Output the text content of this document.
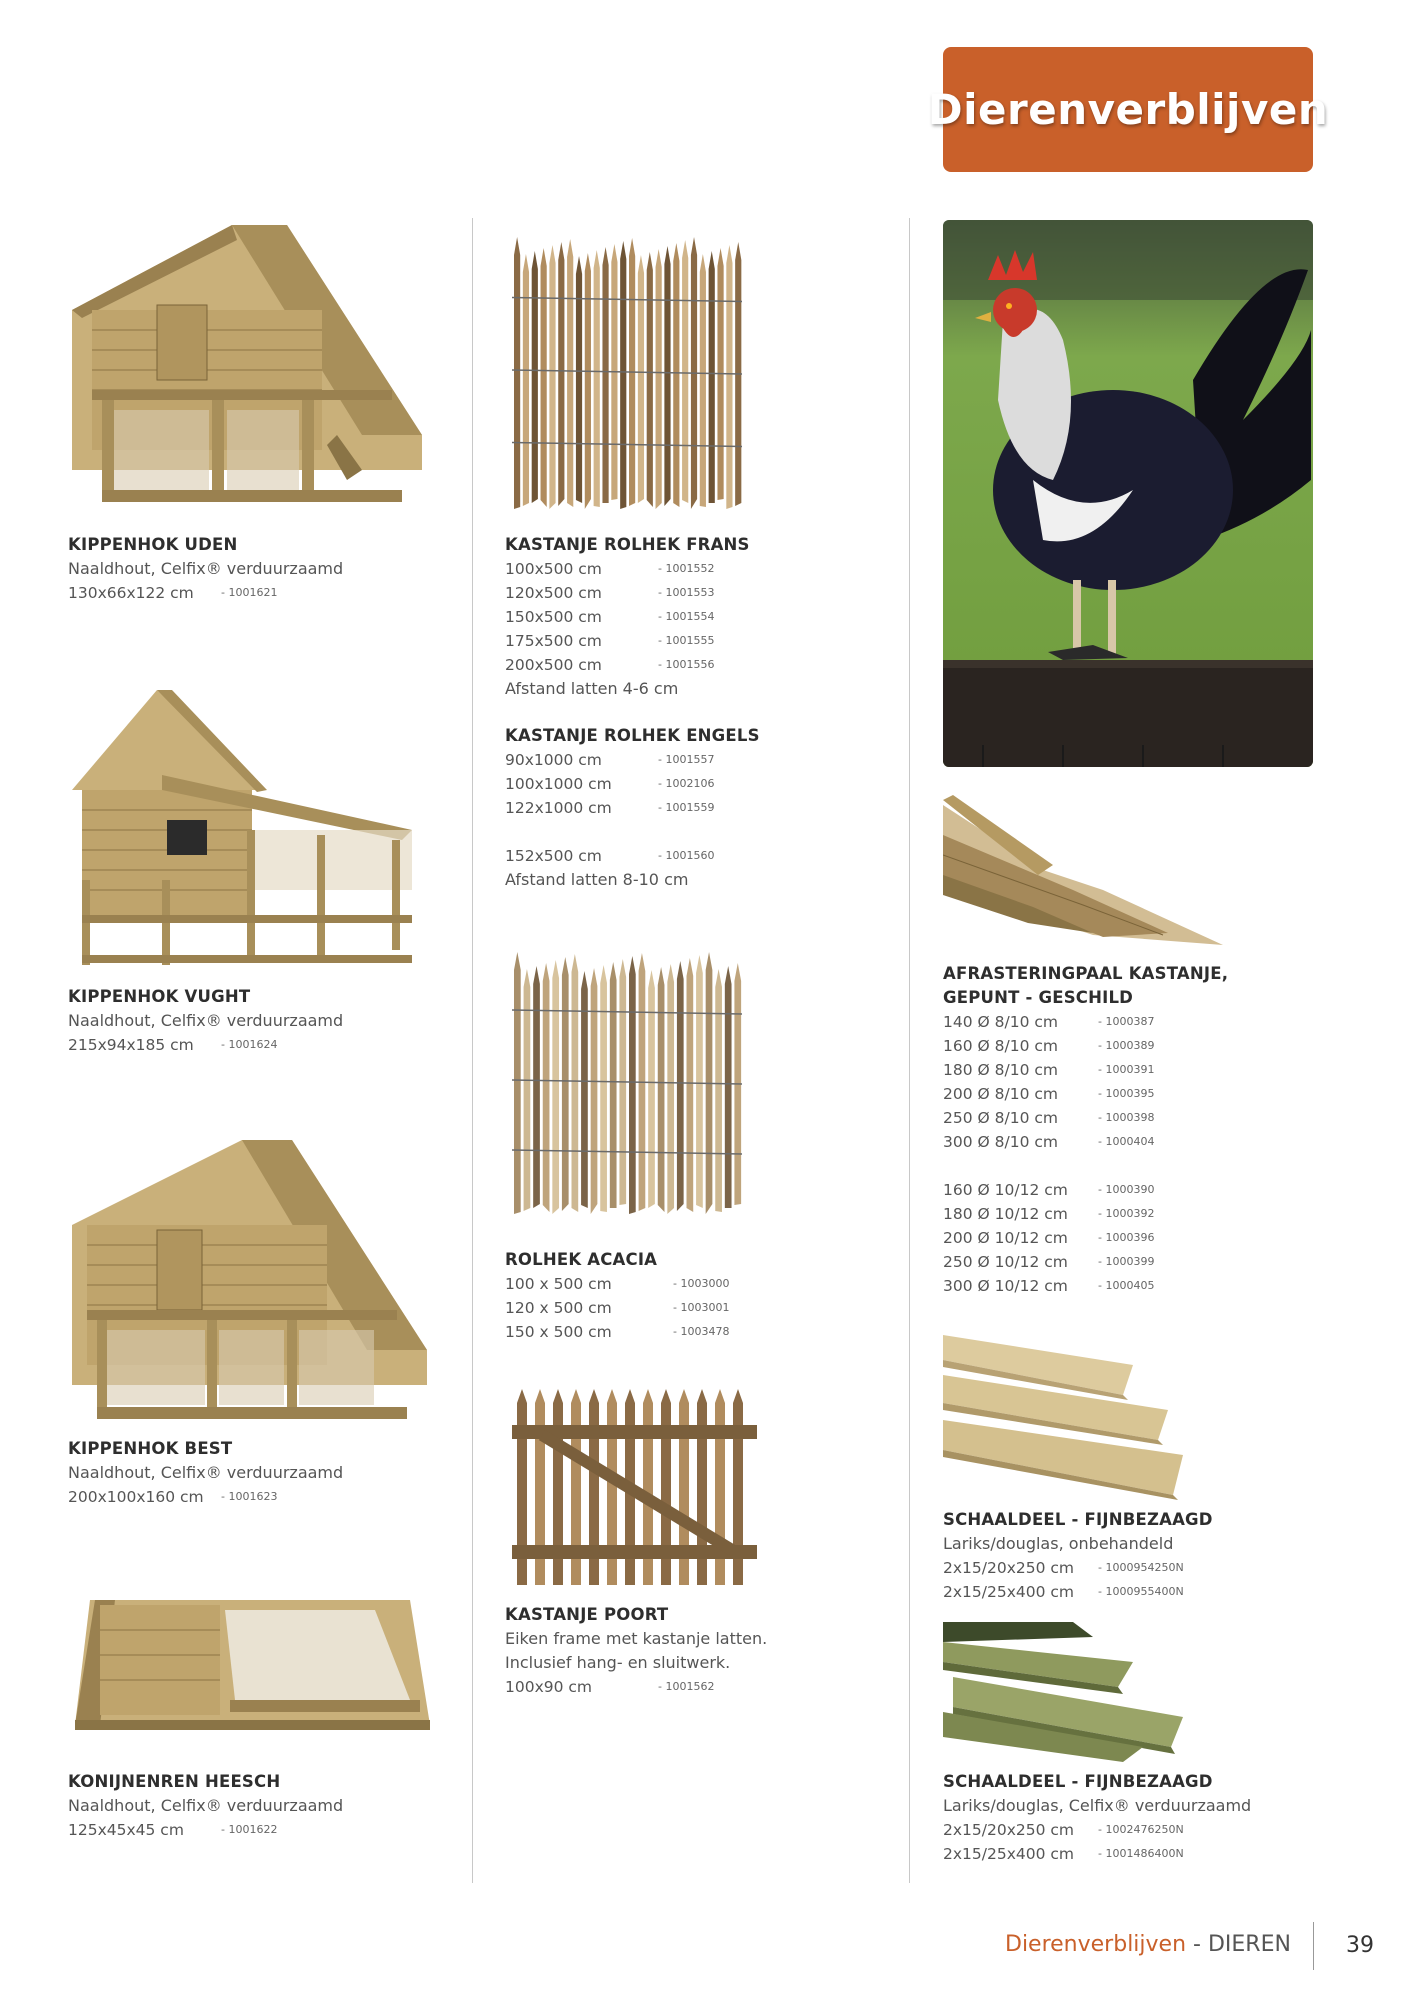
Dierenverblijven
KIPPENHOK UDEN
Naaldhout, Celfix® verduurzaamd
130x66x122 cm - 1001621
KIPPENHOK VUGHT
Naaldhout, Celfix® verduurzaamd
215x94x185 cm - 1001624
KIPPENHOK BEST
Naaldhout, Celfix® verduurzaamd
200x100x160 cm - 1001623
KONIJNENREN HEESCH
Naaldhout, Celfix® verduurzaamd
125x45x45 cm	- 1001622
KASTANJE ROLHEK FRANS
100x500 cm	- 1001552
120x500 cm	- 1001553
150x500 cm	- 1001554
175x500 cm	- 1001555
200x500 cm	- 1001556
Afstand latten 4-6 cm
KASTANJE ROLHEK ENGELS
90x1000 cm	- 1001557
100x1000 cm	- 1002106
122x1000 cm	- 1001559
152x500 cm	- 1001560
Afstand latten 8-10 cm
ROLHEK ACACIA
100 x 500 cm	- 1003000
120 x 500 cm	- 1003001
150 x 500 cm	- 1003478
KASTANJE POORT
Eiken frame met kastanje latten.
Inclusief hang- en sluitwerk.
100x90 cm	- 1001562
AFRASTERINGPAAL KASTANJE,
GEPUNT - GESCHILD
140 Ø 8/10 cm	- 1000387
160 Ø 8/10 cm	- 1000389
180 Ø 8/10 cm	- 1000391
200 Ø 8/10 cm	- 1000395
250 Ø 8/10 cm	- 1000398
300 Ø 8/10 cm	- 1000404
160 Ø 10/12 cm	- 1000390
180 Ø 10/12 cm	- 1000392
200 Ø 10/12 cm	- 1000396
250 Ø 10/12 cm	- 1000399
300 Ø 10/12 cm	- 1000405
SCHAALDEEL - FIJNBEZAAGD
Lariks/douglas, onbehandeld
2x15/20x250 cm - 1000954250N
2x15/25x400 cm - 1000955400N
SCHAALDEEL - FIJNBEZAAGD
Lariks/douglas, Celfix® verduurzaamd
2x15/20x250 cm - 1002476250N
2x15/25x400 cm - 1001486400N
Dierenverblijven - DIEREN	39
